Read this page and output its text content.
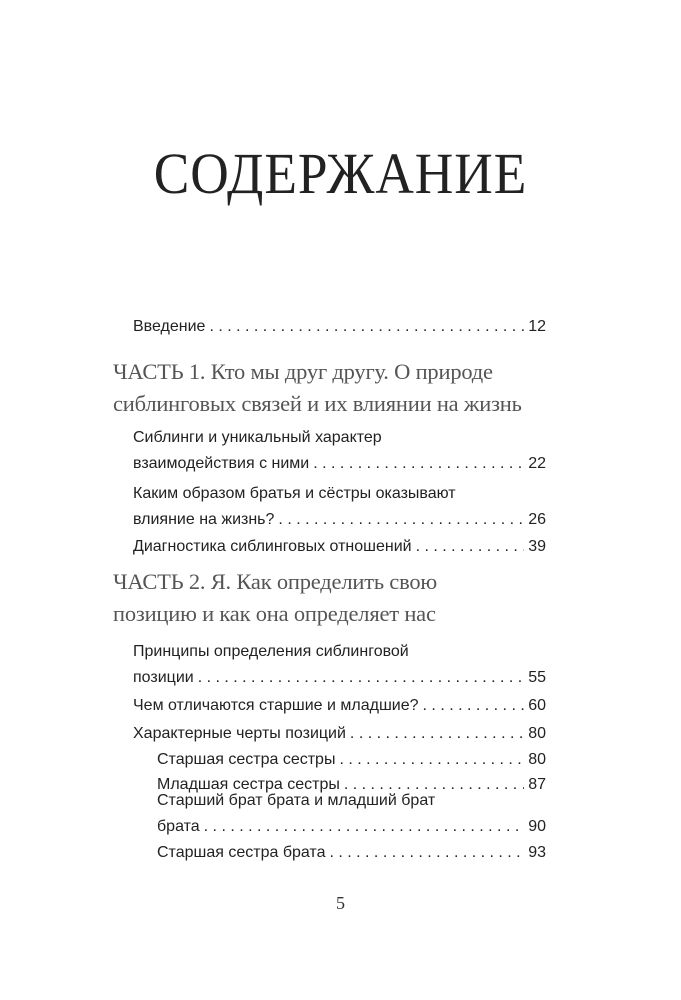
СОДЕРЖАНИЕ
Введение . . .	12
ЧАСТЬ 1. Кто мы друг другу. О природе
сиблинговых связей и их влиянии на жизнь
Сиблинги и уникальный характер
взаимодействия с ними . . .	22
Каким образом братья и сёстры оказывают
влияние на жизнь? . . .	26
Диагностика сиблинговых отношений . . .	39
ЧАСТЬ 2. Я. Как определить свою
позицию и как она определяет нас
Принципы определения сиблинговой
позиции . . .	55
Чем отличаются старшие и младшие? . . .	60
Характерные черты позиций . . .	80
Старшая сестра сестры . . .	80
Младшая сестра сестры . . .	87
Старший брат брата и младший брат
брата . . .	90
Старшая сестра брата . . .	93
5
